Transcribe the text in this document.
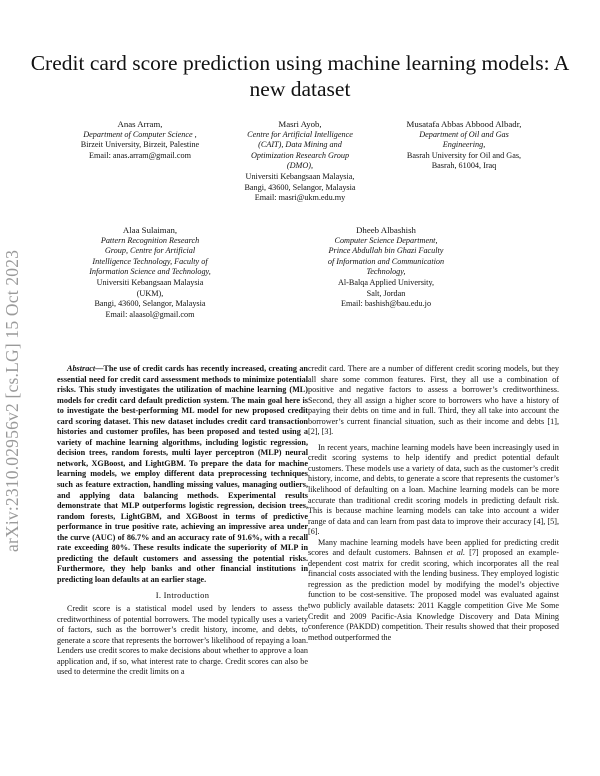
Credit card score prediction using machine learning models: A new dataset
arXiv:2310.02956v2 [cs.LG] 15 Oct 2023
Anas Arram,
Department of Computer Science ,
Birzeit University, Birzeit, Palestine
Email: anas.arram@gmail.com
Masri Ayob,
Centre for Artificial Intelligence
(CAIT), Data Mining and
Optimization Research Group
(DMO),
Universiti Kebangsaan Malaysia,
Bangi, 43600, Selangor, Malaysia
Email: masri@ukm.edu.my
Musatafa Abbas Abbood Albadr,
Department of Oil and Gas
Engineering,
Basrah University for Oil and Gas,
Basrah, 61004, Iraq
Alaa Sulaiman,
Pattern Recognition Research
Group, Centre for Artificial
Intelligence Technology, Faculty of
Information Science and Technology,
Universiti Kebangsaan Malaysia
(UKM),
Bangi, 43600, Selangor, Malaysia
Email: alaasol@gmail.com
Dheeb Albashish
Computer Science Department,
Prince Abdullah bin Ghazi Faculty
of Information and Communication
Technology,
Al-Balqa Applied University,
Salt, Jordan
Email: bashish@bau.edu.jo

Abstract—The use of credit cards has recently increased, creating an essential need for credit card assessment methods to minimize potential risks. This study investigates the utilization of machine learning (ML) models for credit card default prediction system. The main goal here is to investigate the best-performing ML model for new proposed credit card scoring dataset. This new dataset includes credit card transaction histories and customer profiles, has been proposed and tested using a variety of machine learning algorithms, including logistic regression, decision trees, random forests, multi layer perceptron (MLP) neural network, XGBoost, and LightGBM. To prepare the data for machine learning models, we employ different data preprocessing techniques such as feature extraction, handling missing values, managing outliers, and applying data balancing methods. Experimental results demonstrate that MLP outperforms logistic regression, decision trees, random forests, LightGBM, and XGBoost in terms of predictive performance in true positive rate, achieving an impressive area under the curve (AUC) of 86.7% and an accuracy rate of 91.6%, with a recall rate exceeding 80%. These results indicate the superiority of MLP in predicting the default customers and assessing the potential risks. Furthermore, they help banks and other financial institutions in predicting loan defaults at an earlier stage.

I. Introduction

Credit score is a statistical model used by lenders to assess the creditworthiness of potential borrowers. The model typically uses a variety of factors, such as the borrower’s credit history, income, and debts, to generate a score that represents the borrower’s likelihood of repaying a loan. Lenders use credit scores to make decisions about whether to approve a loan application and, if so, what interest rate to charge. Credit scores can also be used to determine the credit limits on a

credit card. There are a number of different credit scoring models, but they all share some common features. First, they all use a combination of positive and negative factors to assess a borrower’s creditworthiness. Second, they all assign a higher score to borrowers who have a history of paying their debts on time and in full. Third, they all take into account the borrower’s current financial situation, such as their income and debts [1], [2], [3].

In recent years, machine learning models have been increasingly used in credit scoring systems to help identify and predict potential default customers. These models use a variety of data, such as the customer’s credit history, income, and debts, to generate a score that represents the customer’s likelihood of defaulting on a loan. Machine learning models can be more accurate than traditional credit scoring models in predicting default risk. This is because machine learning models can take into account a wider range of data and can learn from past data to improve their accuracy [4], [5], [6].

Many machine learning models have been applied for predicting credit scores and default customers. Bahnsen et al. [7] proposed an example-dependent cost matrix for credit scoring, which incorporates all the real financial costs associated with the lending business. They employed logistic regression as the prediction model by modifying the model’s objective function to be cost-sensitive. The proposed model was evaluated against two publicly available datasets: 2011 Kaggle competition Give Me Some Credit and 2009 Pacific-Asia Knowledge Discovery and Data Mining conference (PAKDD) competition. Their results showed that their proposed method outperformed the
